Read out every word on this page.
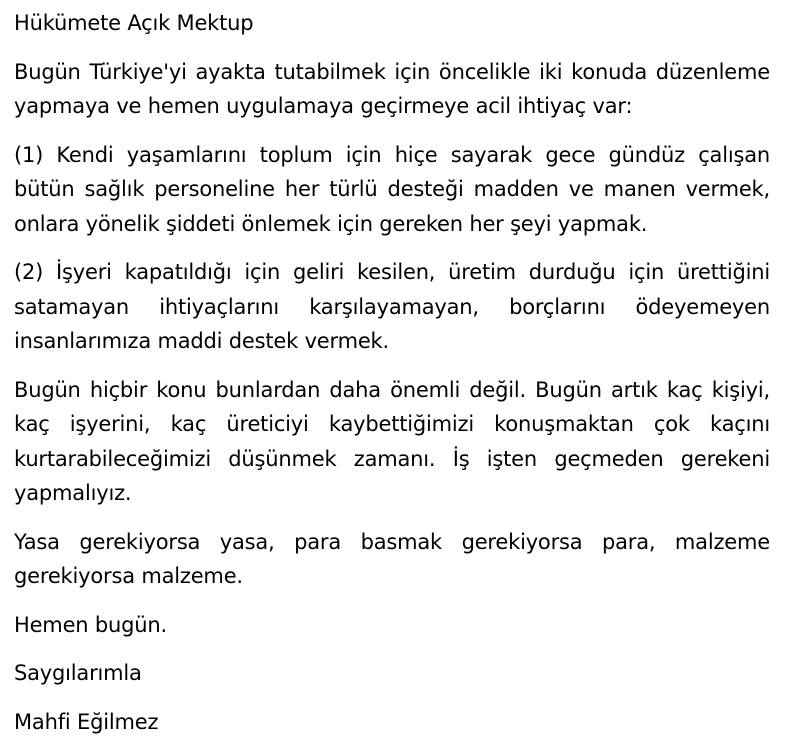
Hükümete Açık Mektup

Bugün Türkiye'yi ayakta tutabilmek için öncelikle iki konuda düzenleme yapmaya ve hemen uygulamaya geçirmeye acil ihtiyaç var:

(1) Kendi yaşamlarını toplum için hiçe sayarak gece gündüz çalışan bütün sağlık personeline her türlü desteği madden ve manen vermek, onlara yönelik şiddeti önlemek için gereken her şeyi yapmak.

(2) İşyeri kapatıldığı için geliri kesilen, üretim durduğu için ürettiğini satamayan ihtiyaçlarını karşılayamayan, borçlarını ödeyemeyen insanlarımıza maddi destek vermek.

Bugün hiçbir konu bunlardan daha önemli değil. Bugün artık kaç kişiyi, kaç işyerini, kaç üreticiyi kaybettiğimizi konuşmaktan çok kaçını kurtarabileceğimizi düşünmek zamanı. İş işten geçmeden gerekeni yapmalıyız.

Yasa gerekiyorsa yasa, para basmak gerekiyorsa para, malzeme gerekiyorsa malzeme.

Hemen bugün.

Saygılarımla

Mahfi Eğilmez
